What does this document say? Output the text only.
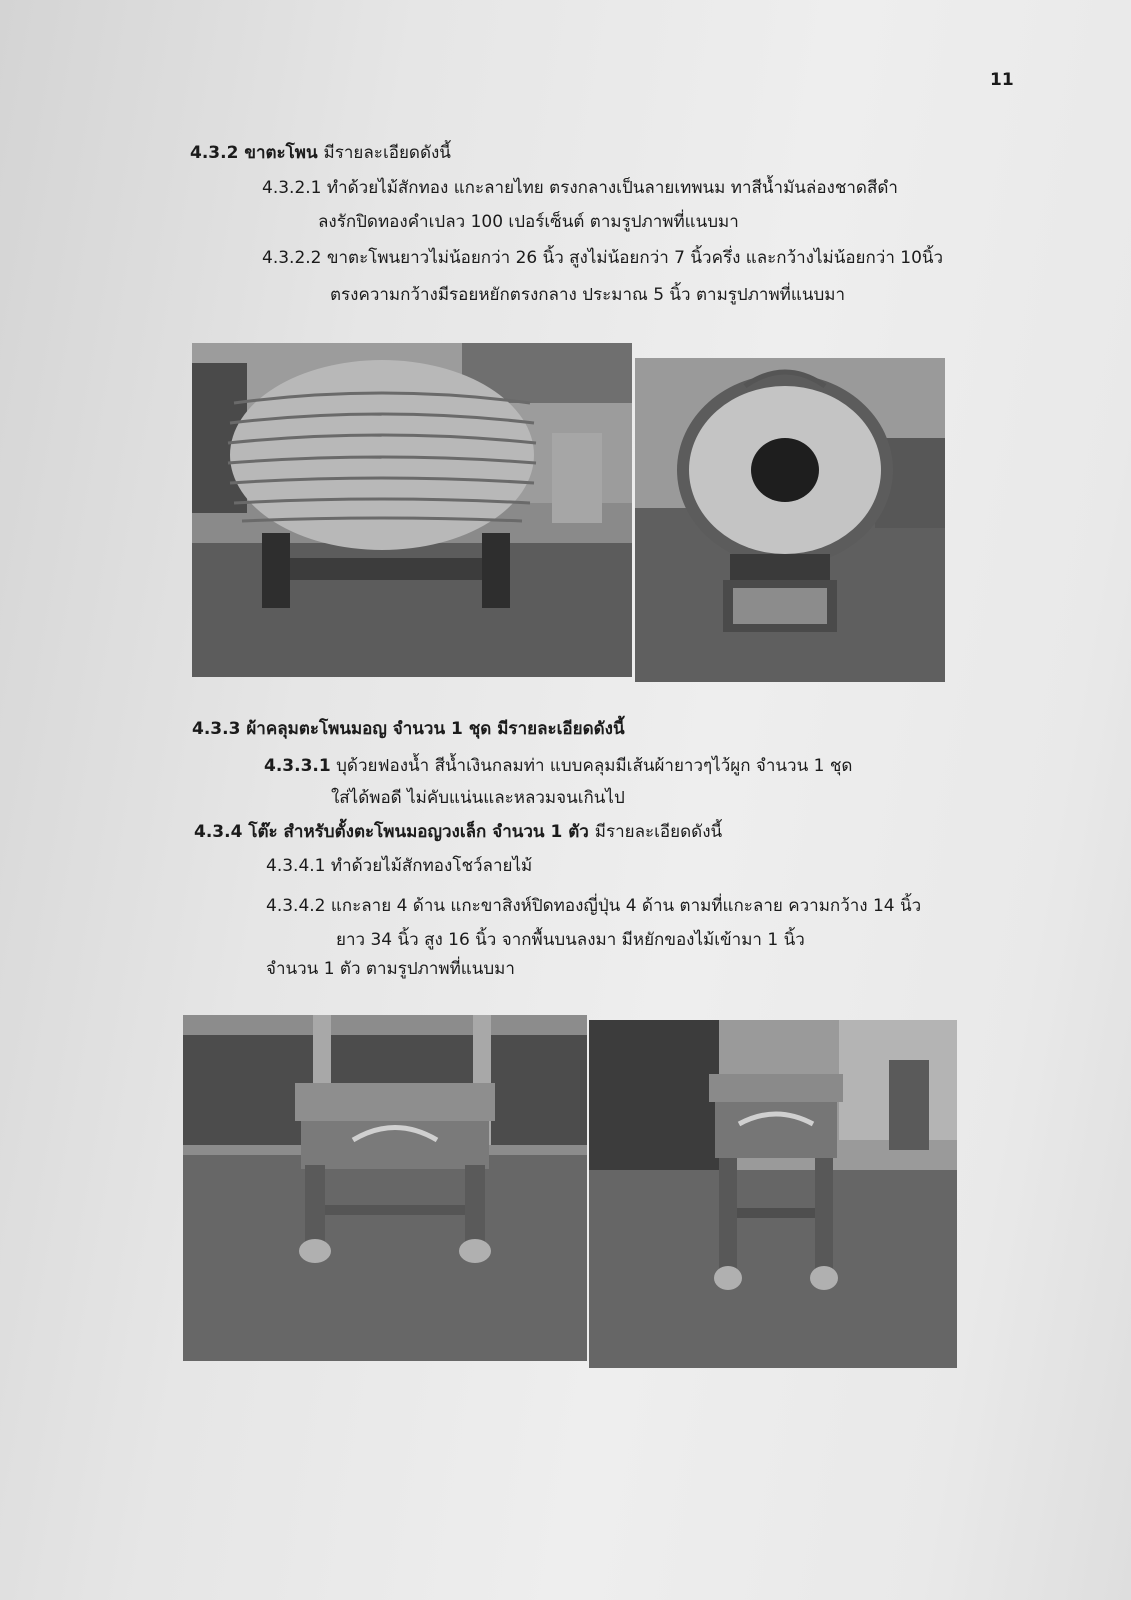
11
4.3.2 ขาตะโพน มีรายละเอียดดังนี้
4.3.2.1 ทำด้วยไม้สักทอง แกะลายไทย ตรงกลางเป็นลายเทพนม ทาสีน้ำมันล่องชาดสีดำ
ลงรักปิดทองคำเปลว 100 เปอร์เซ็นต์ ตามรูปภาพที่แนบมา
4.3.2.2 ขาตะโพนยาวไม่น้อยกว่า 26 นิ้ว สูงไม่น้อยกว่า 7 นิ้วครึ่ง และกว้างไม่น้อยกว่า 10นิ้ว
ตรงความกว้างมีรอยหยักตรงกลาง ประมาณ 5 นิ้ว ตามรูปภาพที่แนบมา
4.3.3 ผ้าคลุมตะโพนมอญ จำนวน 1 ชุด มีรายละเอียดดังนี้
4.3.3.1 บุด้วยฟองน้ำ สีน้ำเงินกลมท่า แบบคลุมมีเส้นผ้ายาวๆไว้ผูก จำนวน 1 ชุด
ใส่ได้พอดี ไม่คับแน่นและหลวมจนเกินไป
4.3.4 โต๊ะ สำหรับตั้งตะโพนมอญวงเล็ก จำนวน 1 ตัว มีรายละเอียดดังนี้
4.3.4.1 ทำด้วยไม้สักทองโชว์ลายไม้
4.3.4.2 แกะลาย 4 ด้าน แกะขาสิงห์ปิดทองญี่ปุ่น 4 ด้าน ตามที่แกะลาย ความกว้าง 14 นิ้ว
ยาว 34 นิ้ว สูง 16 นิ้ว จากพื้นบนลงมา มีหยักของไม้เข้ามา 1 นิ้ว
จำนวน 1 ตัว ตามรูปภาพที่แนบมา
